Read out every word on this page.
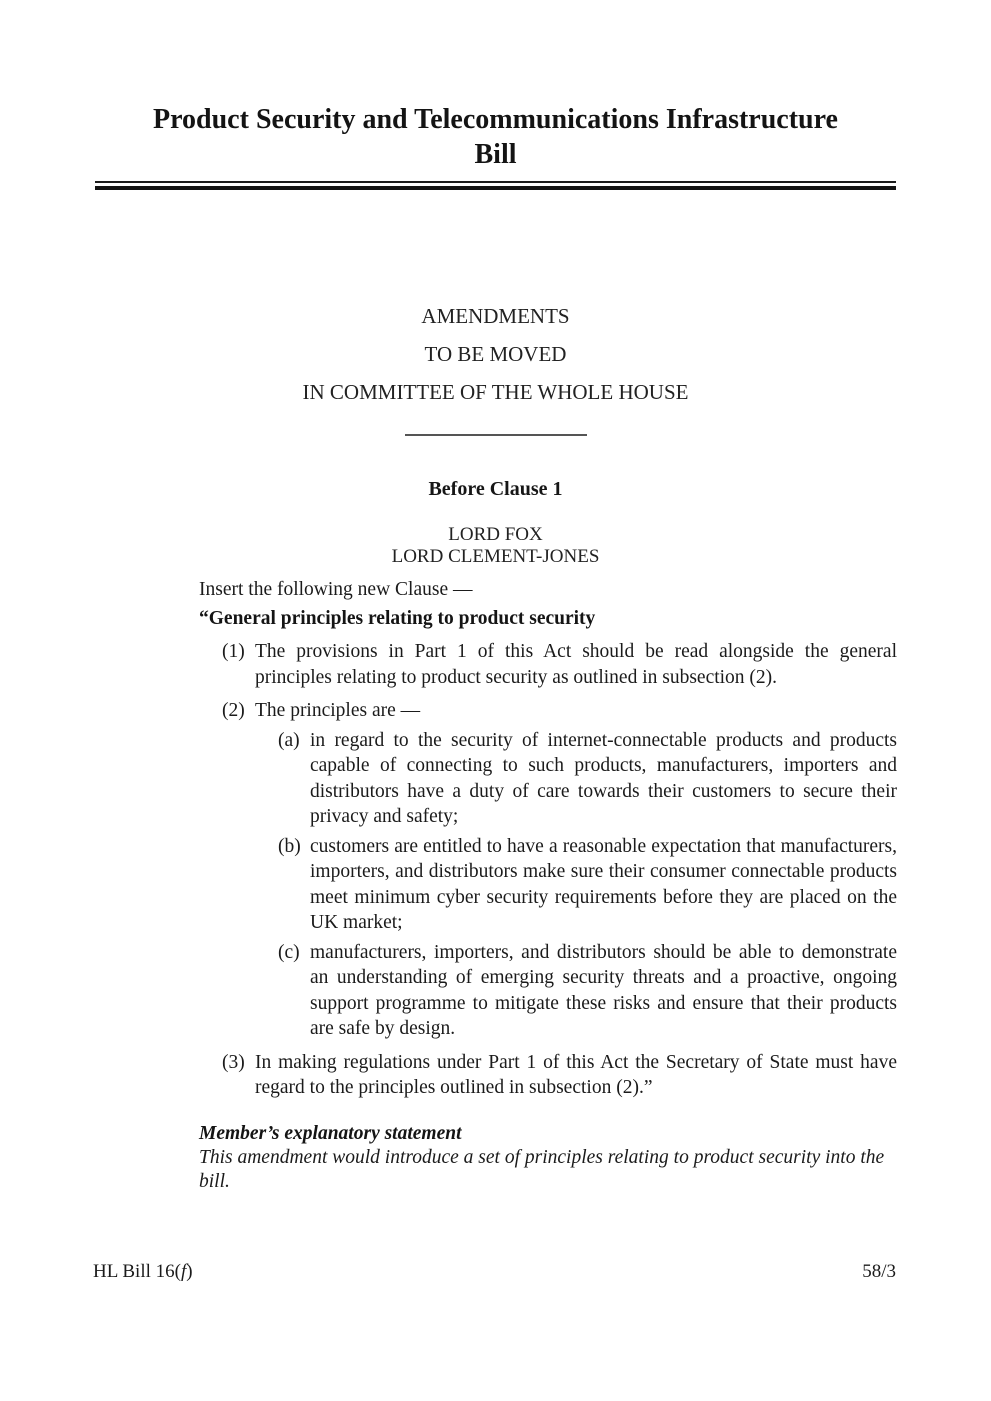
Product Security and Telecommunications Infrastructure
Bill
AMENDMENTS
TO BE MOVED
IN COMMITTEE OF THE WHOLE HOUSE
Before Clause 1
LORD FOX
LORD CLEMENT-JONES
Insert the following new Clause —
“General principles relating to product security
(1) The provisions in Part 1 of this Act should be read alongside the general principles relating to product security as outlined in subsection (2).
(2) The principles are —
(a) in regard to the security of internet-connectable products and products capable of connecting to such products, manufacturers, importers and distributors have a duty of care towards their customers to secure their privacy and safety;
(b) customers are entitled to have a reasonable expectation that manufacturers, importers, and distributors make sure their consumer connectable products meet minimum cyber security requirements before they are placed on the UK market;
(c) manufacturers, importers, and distributors should be able to demonstrate an understanding of emerging security threats and a proactive, ongoing support programme to mitigate these risks and ensure that their products are safe by design.
(3) In making regulations under Part 1 of this Act the Secretary of State must have regard to the principles outlined in subsection (2).”
Member’s explanatory statement
This amendment would introduce a set of principles relating to product security into the bill.
HL Bill 16(f)	58/3
